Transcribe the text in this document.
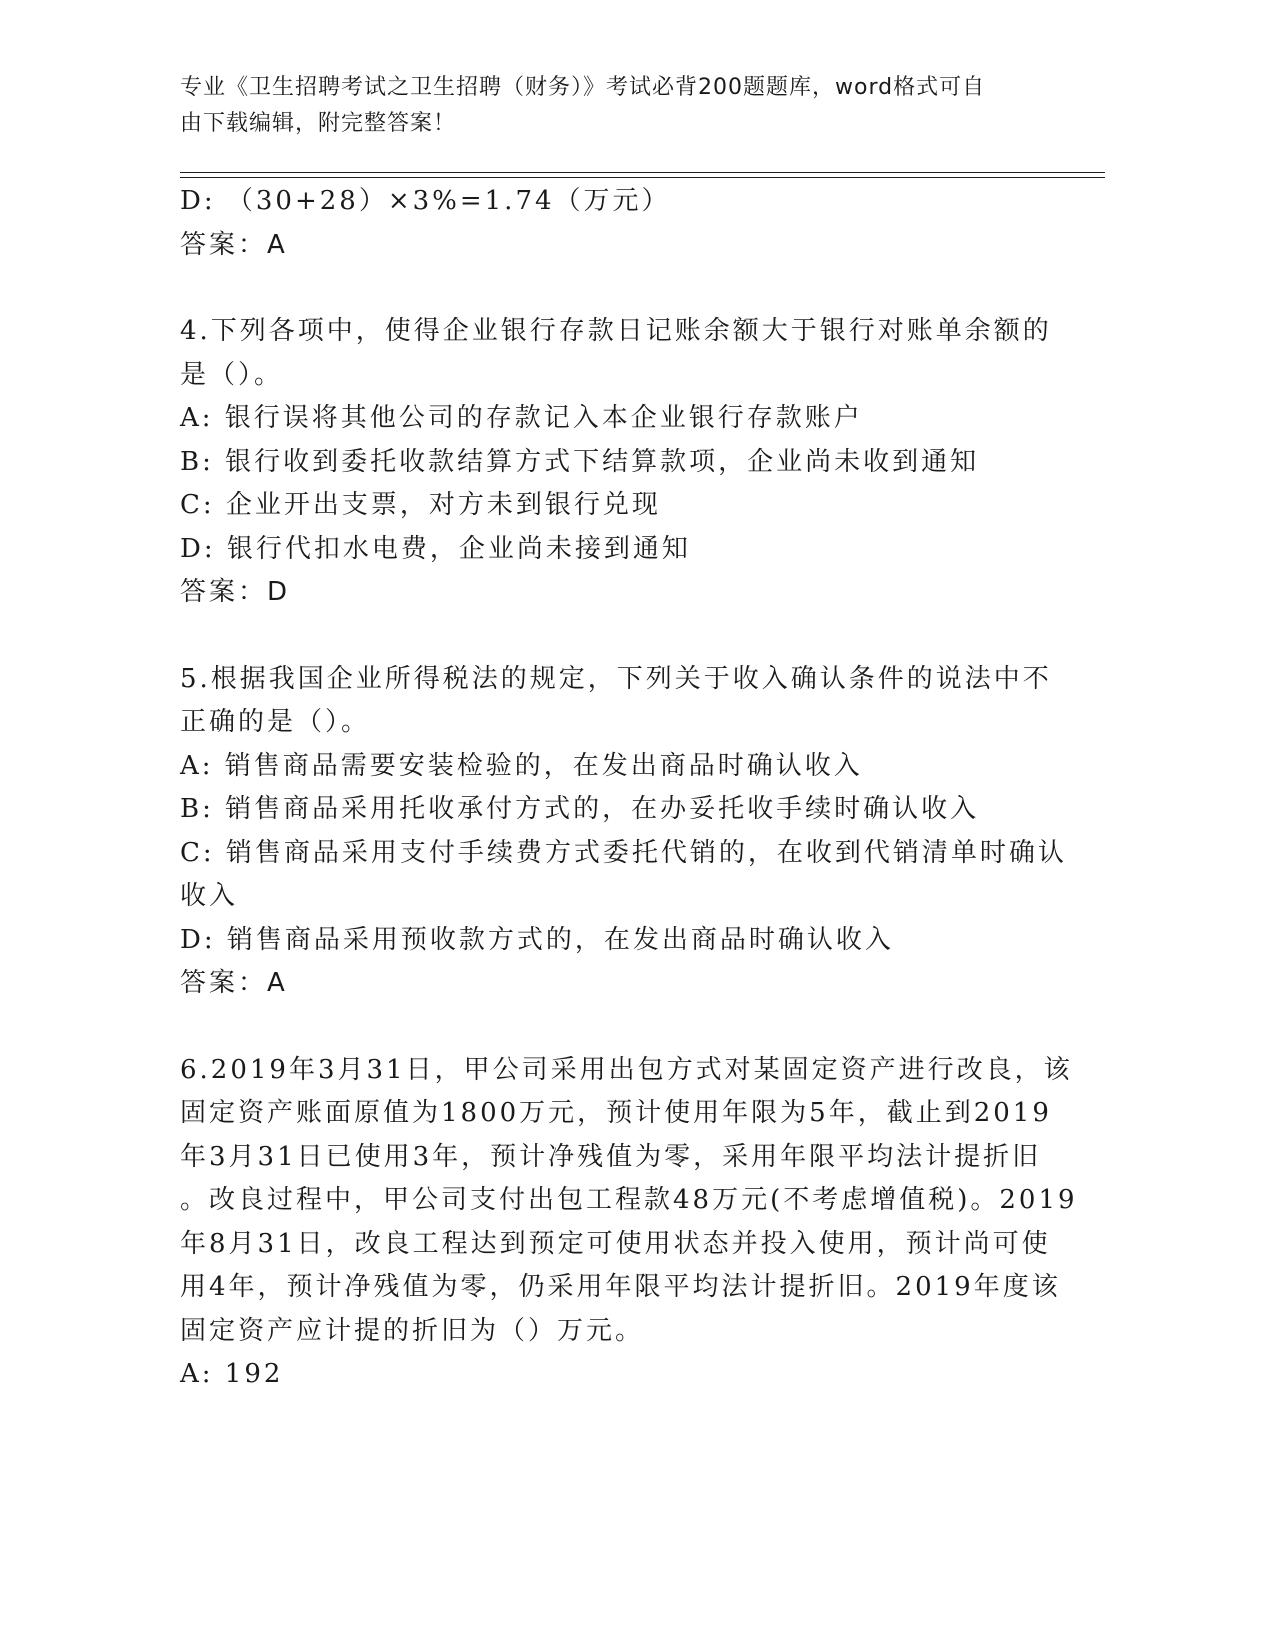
专业《卫生招聘考试之卫生招聘（财务）》考试必背200题题库，word格式可自
由下载编辑，附完整答案！

D: （30+28）×3%=1.74（万元）

答案：A

4.下列各项中，使得企业银行存款日记账余额大于银行对账单余额的

是（）。

A: 银行误将其他公司的存款记入本企业银行存款账户

B: 银行收到委托收款结算方式下结算款项，企业尚未收到通知

C: 企业开出支票，对方未到银行兑现

D: 银行代扣水电费，企业尚未接到通知

答案：D

5.根据我国企业所得税法的规定，下列关于收入确认条件的说法中不

正确的是（）。

A: 销售商品需要安装检验的，在发出商品时确认收入

B: 销售商品采用托收承付方式的，在办妥托收手续时确认收入

C: 销售商品采用支付手续费方式委托代销的，在收到代销清单时确认

收入

D: 销售商品采用预收款方式的，在发出商品时确认收入

答案：A

6.2019年3月31日，甲公司采用出包方式对某固定资产进行改良，该

固定资产账面原值为1800万元，预计使用年限为5年，截止到2019

年3月31日已使用3年，预计净残值为零，采用年限平均法计提折旧

。改良过程中，甲公司支付出包工程款48万元(不考虑增值税)。2019

年8月31日，改良工程达到预定可使用状态并投入使用，预计尚可使

用4年，预计净残值为零，仍采用年限平均法计提折旧。2019年度该

固定资产应计提的折旧为（）万元。

A: 192
